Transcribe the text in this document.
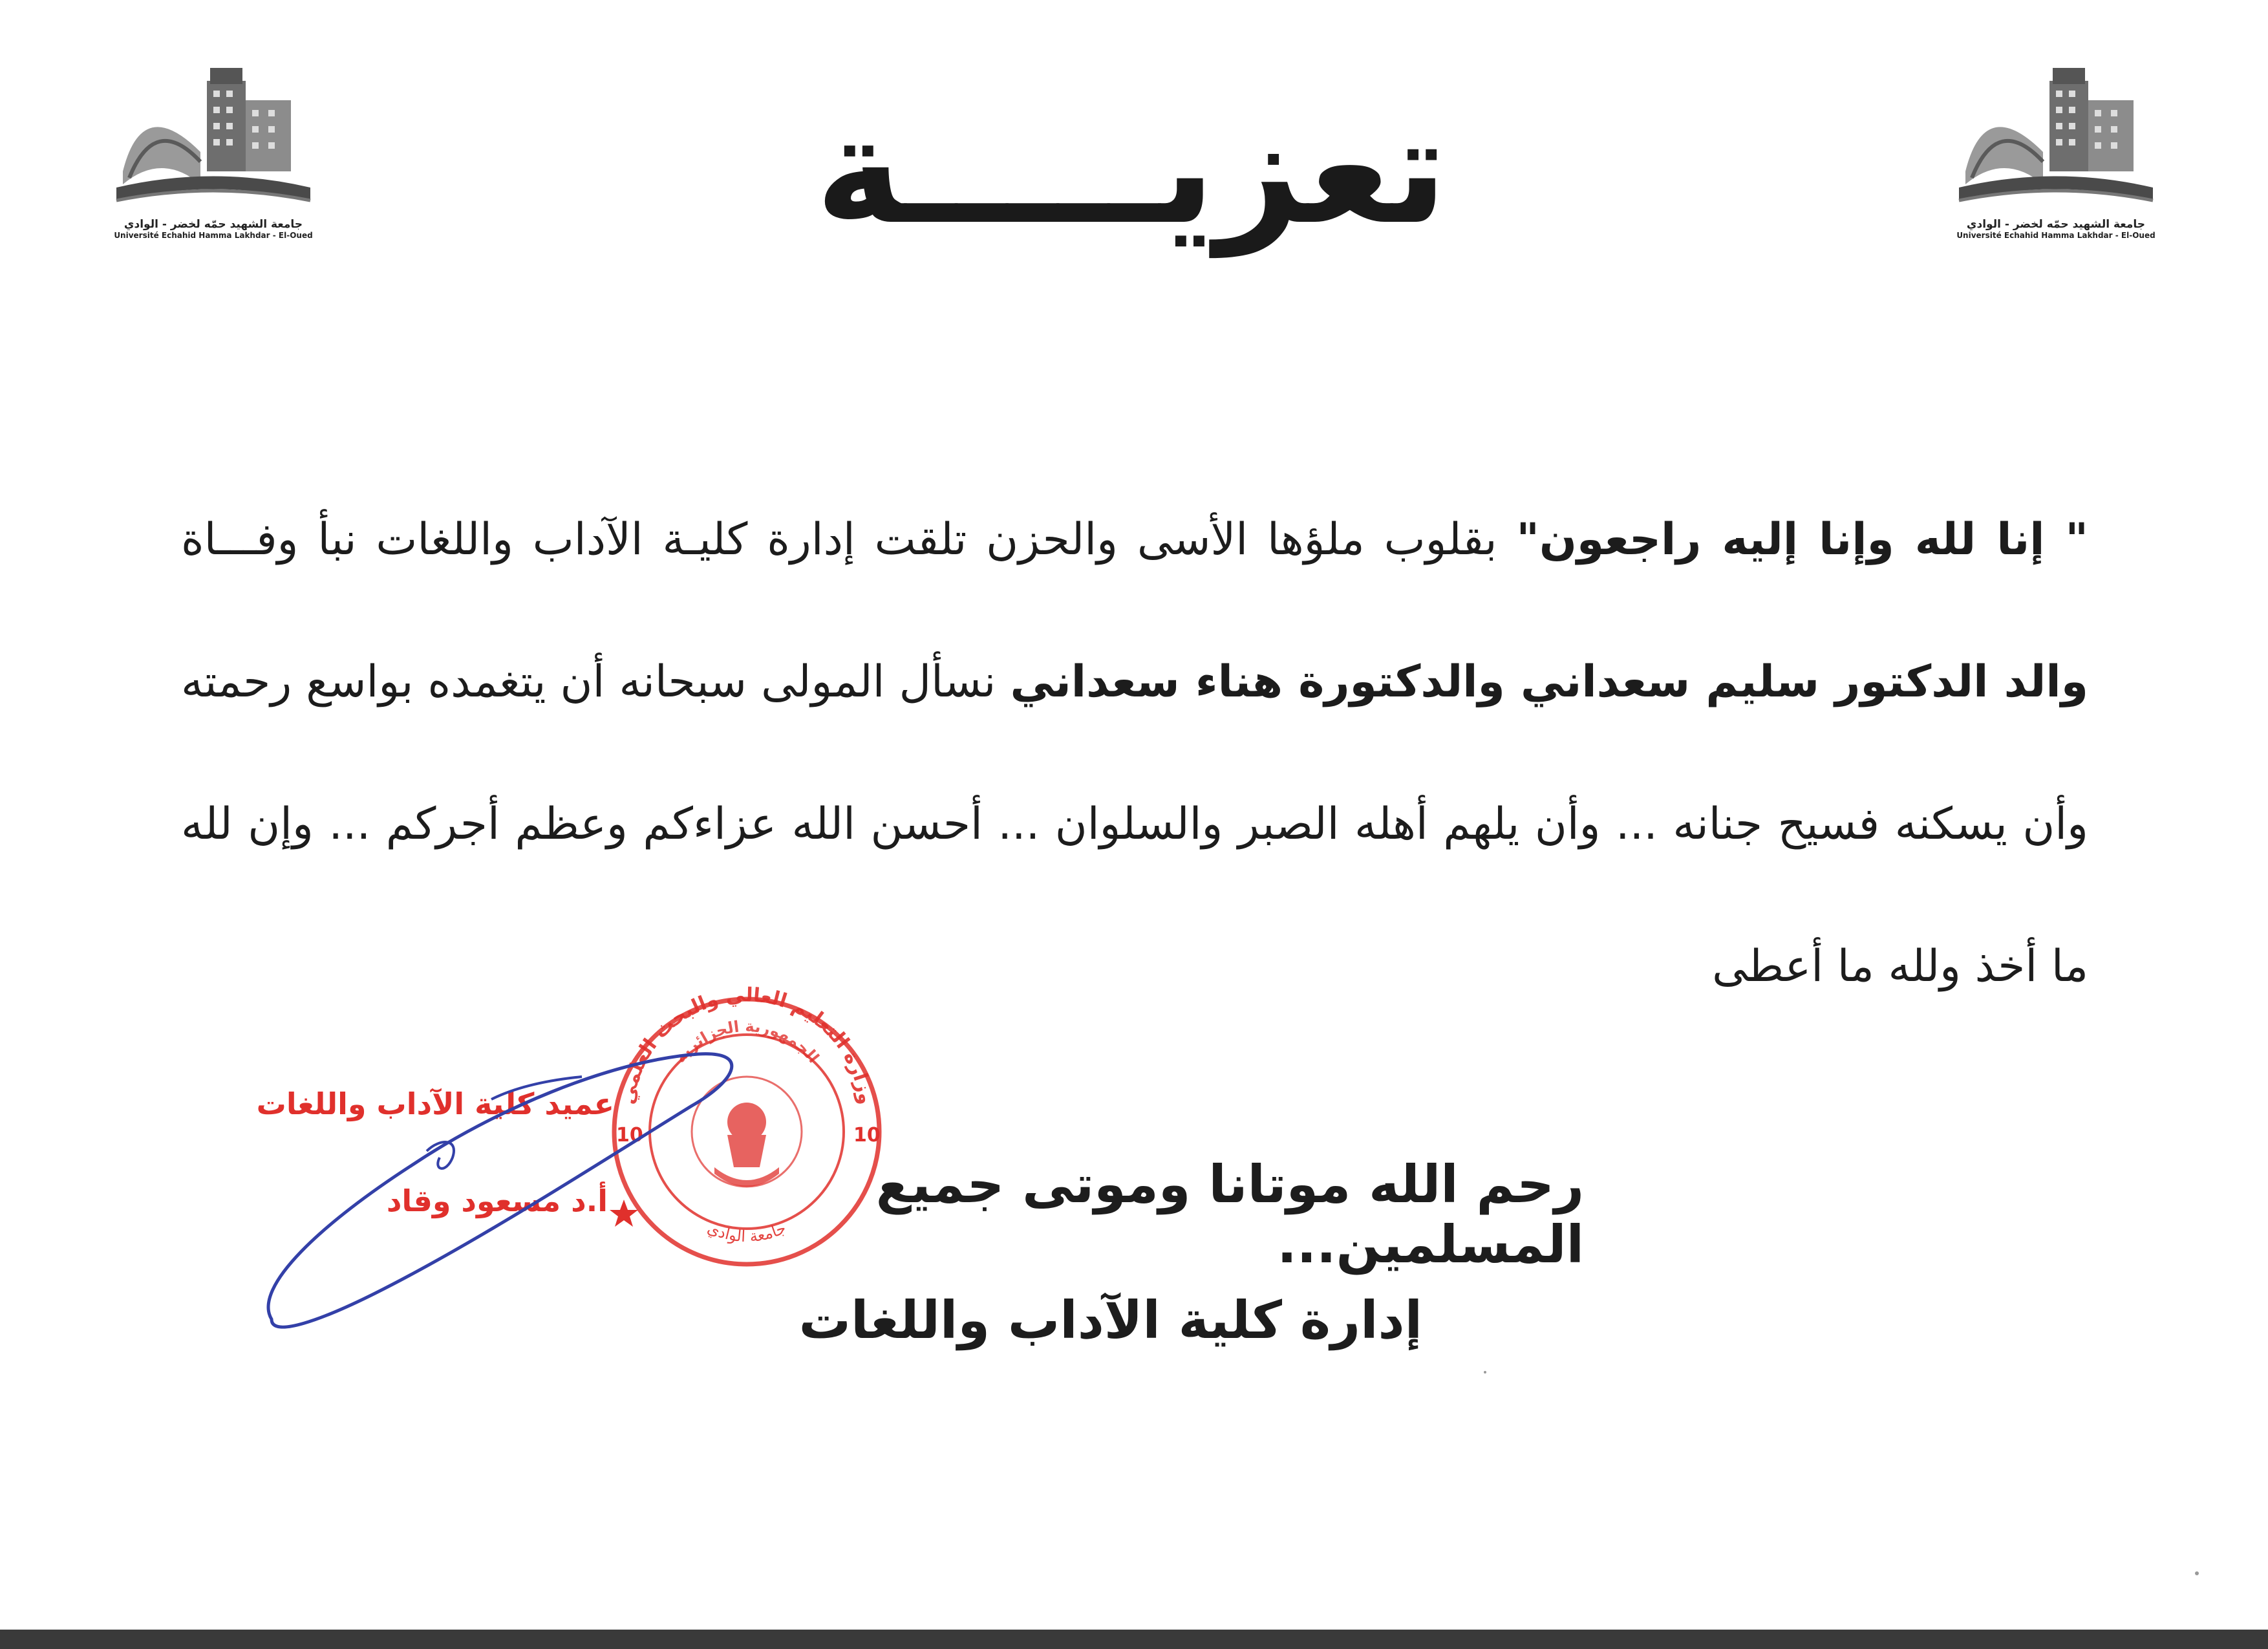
جامعة الشهيد حمّه لخضر - الوادي
Université Echahid Hamma Lakhdar - El-Oued
جامعة الشهيد حمّه لخضر - الوادي
Université Echahid Hamma Lakhdar - El-Oued
تعزيـــــة
" إنا لله وإنا إليه راجعون" بقلوب ملؤها الأسى والحزن تلقت إدارة كليـة الآداب واللغات نبأ وفـــاة والد الدكتور سليم سعداني والدكتورة هناء سعداني نسأل المولى سبحانه أن يتغمده بواسع رحمته وأن يسكنه فسيح جنانه ... وأن يلهم أهله الصبر والسلوان ... أحسن الله عزاءكم وعظم أجركم ... وإن لله ما أخذ ولله ما أعطى
وزارة التعليم العالي والبحث العلمي
الجمهورية الجزائرية
جامعة الوادي
10	10
عميد كلية الآداب واللغات
أ.د مسعود وقاد	رحم الله موتانا وموتى جميع المسلمين...
إدارة كلية الآداب واللغات
